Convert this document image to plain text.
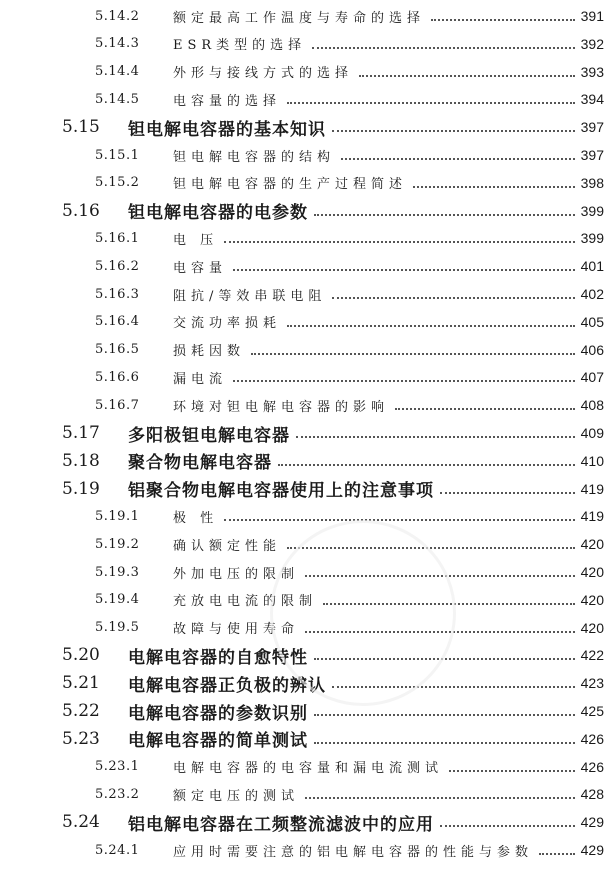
5.14.2	额定最高工作温度与寿命的选择	391
5.14.3	ESR类型的选择	392
5.14.4	外形与接线方式的选择	393
5.14.5	电容量的选择	394
5.15	钽电解电容器的基本知识	397
5.15.1	钽电解电容器的结构	397
5.15.2	钽电解电容器的生产过程简述	398
5.16	钽电解电容器的电参数	399
5.16.1	电 压	399
5.16.2	电容量	401
5.16.3	阻抗/等效串联电阻	402
5.16.4	交流功率损耗	405
5.16.5	损耗因数	406
5.16.6	漏电流	407
5.16.7	环境对钽电解电容器的影响	408
5.17	多阳极钽电解电容器	409
5.18	聚合物电解电容器	410
5.19	铝聚合物电解电容器使用上的注意事项	419
5.19.1	极 性	419
5.19.2	确认额定性能	420
5.19.3	外加电压的限制	420
5.19.4	充放电电流的限制	420
5.19.5	故障与使用寿命	420
5.20	电解电容器的自愈特性	422
5.21	电解电容器正负极的辨认	423
5.22	电解电容器的参数识别	425
5.23	电解电容器的简单测试	426
5.23.1	电解电容器的电容量和漏电流测试	426
5.23.2	额定电压的测试	428
5.24	铝电解电容器在工频整流滤波中的应用	429
5.24.1	应用时需要注意的铝电解电容器的性能与参数	429
